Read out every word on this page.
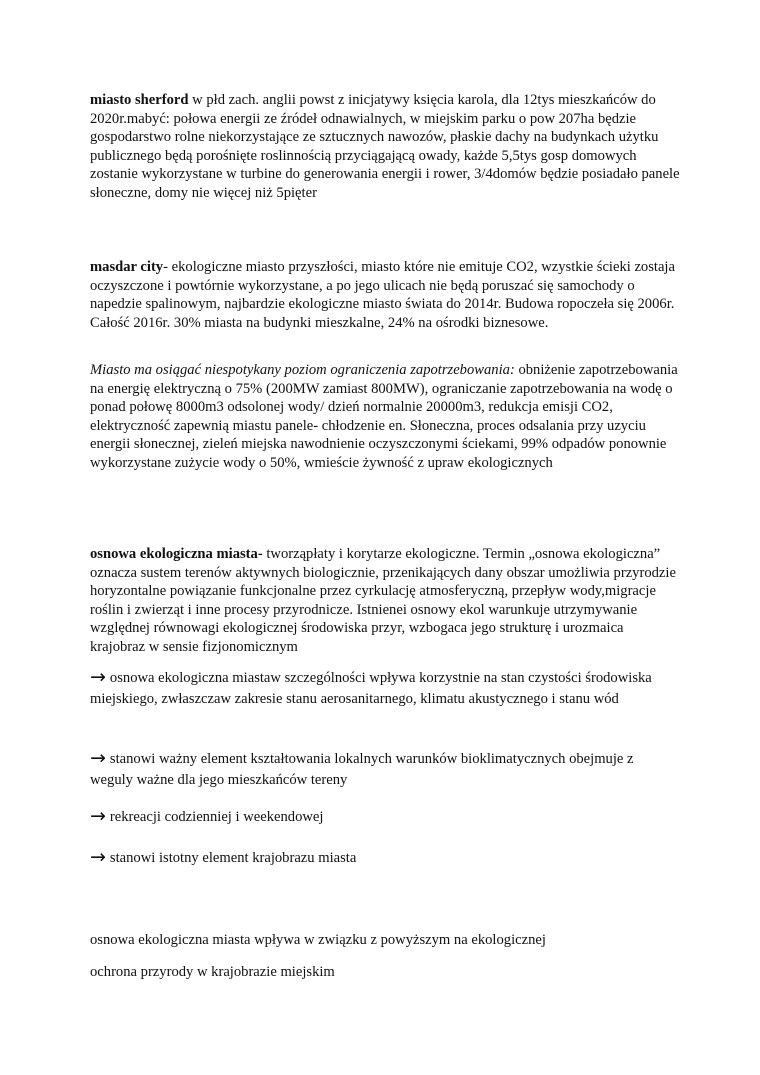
miasto sherford w płd zach. anglii powst z inicjatywy księcia karola, dla 12tys mieszkańców do 2020r.mabyć: połowa energii ze źródeł odnawialnych, w miejskim parku o pow 207ha będzie gospodarstwo rolne niekorzystające ze sztucznych nawozów, płaskie dachy na budynkach użytku publicznego będą porośnięte roslinnością przyciągającą owady, każde 5,5tys gosp domowych zostanie wykorzystane w turbine do generowania energii i rower, 3/4domów będzie posiadało panele słoneczne, domy nie więcej niż 5pięter

masdar city- ekologiczne miasto przyszłości, miasto które nie emituje CO2, wzystkie ścieki zostaja oczyszczone i powtórnie wykorzystane, a po jego ulicach nie będą poruszać się samochody o napedzie spalinowym, najbardzie ekologiczne miasto świata do 2014r. Budowa ropoczeła się 2006r. Całość 2016r. 30% miasta na budynki mieszkalne, 24% na ośrodki biznesowe.

Miasto ma osiągać niespotykany poziom ograniczenia zapotrzebowania: obniżenie zapotrzebowania na energię elektryczną o 75% (200MW zamiast 800MW), ograniczanie zapotrzebowania na wodę o ponad połowę 8000m3 odsolonej wody/ dzień normalnie 20000m3, redukcja emisji CO2, elektryczność zapewnią miastu panele- chłodzenie en. Słoneczna, proces odsalania przy uzyciu energii słonecznej, zieleń miejska nawodnienie oczyszczonymi ściekami, 99% odpadów ponownie wykorzystane zużycie wody o 50%, wmieście żywność z upraw ekologicznych

osnowa ekologiczna miasta- tworząpłaty i korytarze ekologiczne. Termin „osnowa ekologiczna” oznacza sustem terenów aktywnych biologicznie, przenikających dany obszar umożliwia przyrodzie horyzontalne powiązanie funkcjonalne przez cyrkulację atmosferyczną, przepływ wody,migracje roślin i zwierząt i inne procesy przyrodnicze. Istnienei osnowy ekol warunkuje utrzymywanie względnej równowagi ekologicznej środowiska przyr, wzbogaca jego strukturę i urozmaica krajobraz w sensie fizjonomicznym

→ osnowa ekologiczna miastaw szczególności wpływa korzystnie na stan czystości środowiska miejskiego, zwłaszczaw zakresie stanu aerosanitarnego, klimatu akustycznego i stanu wód

→ stanowi ważny element kształtowania lokalnych warunków bioklimatycznych obejmuje z weguly ważne dla jego mieszkańców tereny

→ rekreacji codzienniej i weekendowej

→ stanowi istotny element krajobrazu miasta

osnowa ekologiczna miasta wpływa w związku z powyższym na ekologicznej

ochrona przyrody w krajobrazie miejskim
